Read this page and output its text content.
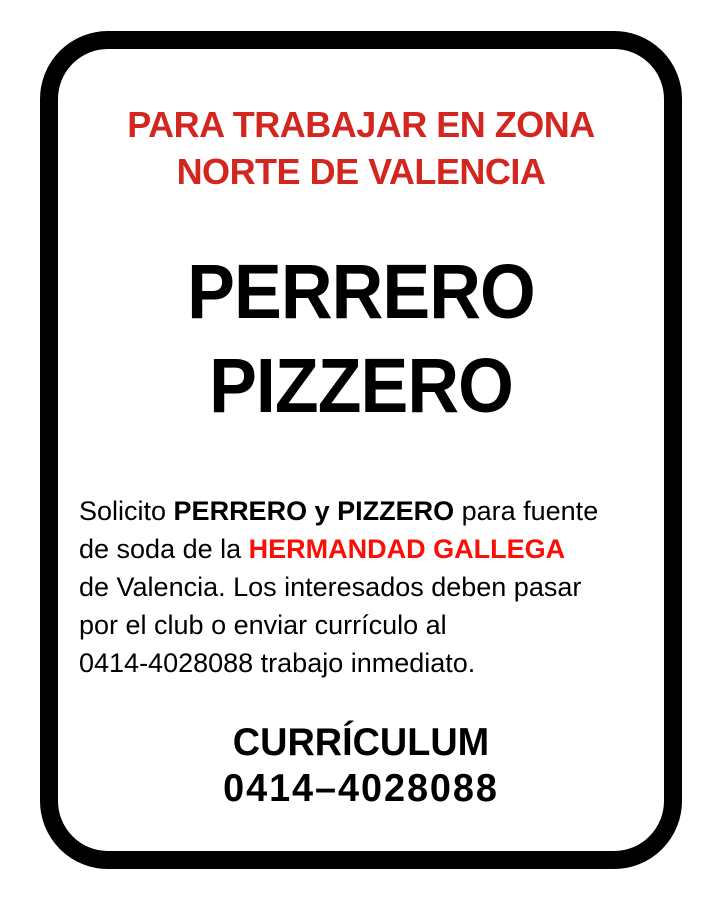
PARA TRABAJAR EN ZONA
NORTE DE VALENCIA
PERRERO
PIZZERO

Solicito PERRERO y PIZZERO para fuente
de soda de la HERMANDAD GALLEGA
de Valencia. Los interesados deben pasar
por el club o enviar currículo al
0414-4028088 trabajo inmediato.

CURRÍCULUM
0414–4028088
